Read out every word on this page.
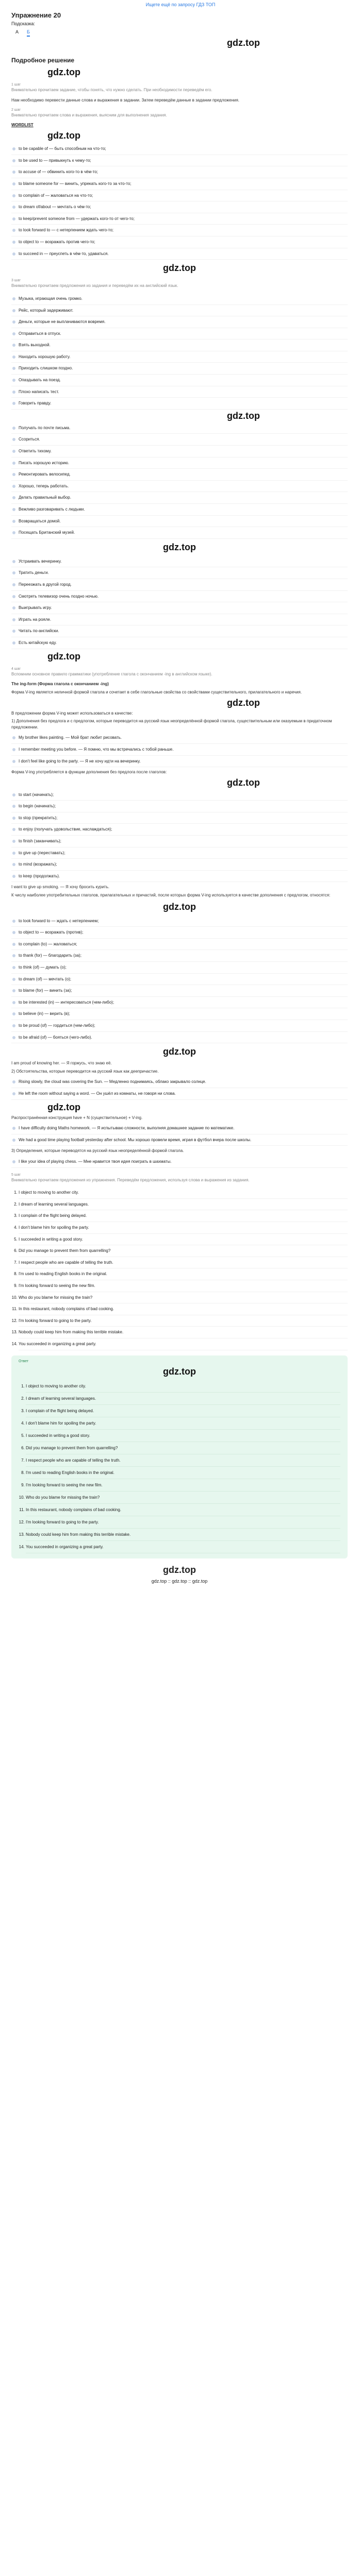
Ищете ещё по запросу ГДЗ ТОП
Упражнение 20
Подсказка:
А Б
gdz.top
Подробное решение
gdz.top
1 шаг
Внимательно прочитаем задание, чтобы понять, что нужно сделать. При необходимости переведём его.
Нам необходимо перевести данные слова и выражения в задании. Затем переведём данные в задании предложения.
2 шаг
Внимательно прочитаем слова и выражения, выясним для выполнения задания.
WORDLIST
gdz.top
to be capable of — быть способным на что-то;
to be used to — привыкнуть к чему-то;
to accuse of — обвинить кого-то в чём-то;
to blame someone for — винить, упрекать кого-то за что-то;
to complain of — жаловаться на что-то;
to dream of/about — мечтать о чём-то;
to keep/prevent someone from — удержать кого-то от чего-то;
to look forward to — с нетерпением ждать чего-то;
to object to — возражать против чего-то;
to succeed in — преуспеть в чём-то, удаваться.
gdz.top
3 шаг
Внимательно прочитаем предложения из задания и переведём их на английский язык.
Музыка, играющая очень громко.
Рейс, который задерживают.
Деньги, которые не выплачиваются вовремя.
Отправиться в отпуск.
Взять выходной.
Находить хорошую работу.
Приходить слишком поздно.
Опаздывать на поезд.
Плохо написать тест.
Говорить правду.
gdz.top
Получать по почте письма.
Ссориться.
Ответить тихому.
Писать хорошую историю.
Ремонтировать велосипед.
Хорошо, теперь работать.
Делать правильный выбор.
Вежливо разговаривать с людьми.
Возвращаться домой.
Посещать Британский музей.
gdz.top
Устраивать вечеринку.
Тратить деньги.
Переезжать в другой город.
Смотреть телевизор очень поздно ночью.
Выигрывать игру.
Играть на рояле.
Читать по-английски.
Есть китайскую еду.
gdz.top
4 шаг
Вспомним основное правило грамматики (употребление глагола с окончанием -ing в английском языке).
The ing-form (Форма глагола с окончанием -ing)
Форма V-ing является неличной формой глагола и сочетает в себе глагольные свойства со свойствами существительного, прилагательного и наречия.
gdz.top
В предложении форма V-ing может использоваться в качестве:
1) Дополнения без предлога и с предлогом, которые переводится на русский язык неопределённой формой глагола, существительным или оказуемым в придаточном предложении.
My brother likes painting. — Мой брат любит рисовать.
I remember meeting you before. — Я помню, что мы встречались с тобой раньше.
I don't feel like going to the party. — Я не хочу идти на вечеринку.
Форма V-ing употребляется в функции дополнения без предлога после глаголов:
gdz.top
to start (начинать);
to begin (начинать);
to stop (прекратить);
to enjoy (получать удовольствие, наслаждаться);
to finish (заканчивать);
to give up (переставать);
to mind (возражать);
to keep (продолжать).
I want to give up smoking. — Я хочу бросить курить.
К числу наиболее употребительных глаголов, прилагательных и причастий, после которых форма V-ing используется в качестве дополнения с предлогом, относятся:
gdz.top
to look forward to — ждать с нетерпением;
to object to — возражать (против);
to complain (to) — жаловаться;
to thank (for) — благодарить (за);
to think (of) — думать (о);
to dream (of) — мечтать (о);
to blame (for) — винить (за);
to be interested (in) — интересоваться (чем-либо);
to believe (in) — верить (в);
to be proud (of) — гордиться (чем-либо);
to be afraid (of) — бояться (чего-либо).
gdz.top
I am proud of knowing her. — Я горжусь, что знаю её.
2) Обстоятельства, которые переводится на русский язык как деепричастие.
Rising slowly, the cloud was covering the Sun. — Медленно поднимаясь, облако закрывало солнце.
He left the room without saying a word. — Он ушёл из комнаты, не говоря ни слова.
gdz.top
Распространённая конструкция have + N (существительное) + V-ing.
I have difficulty doing Maths homework. — Я испытываю сложности, выполняя домашнее задание по математике.
We had a good time playing football yesterday after school. Мы хорошо провели время, играя в футбол вчера после школы.
3) Определения, которые переводятся на русский язык неопределённой формой глагола.
I like your idea of playing chess. — Мне нравится твоя идея поиграть в шахматы.
5 шаг
Внимательно прочитаем предложения из упражнения. Переведём предложения, используя слова и выражения из задания.
1. I object to moving to another city.
2. I dream of learning several languages.
3. I complain of the flight being delayed.
4. I don't blame him for spoiling the party.
5. I succeeded in writing a good story.
6. Did you manage to prevent them from quarrelling?
7. I respect people who are capable of telling the truth.
8. I'm used to reading English books in the original.
9. I'm looking forward to seeing the new film.
10. Who do you blame for missing the train?
11. In this restaurant, nobody complains of bad cooking.
12. I'm looking forward to going to the party.
13. Nobody could keep him from making this terrible mistake.
14. You succeeded in organizing a great party.
Ответ
gdz.top
1. I object to moving to another city.
2. I dream of learning several languages.
3. I complain of the flight being delayed.
4. I don't blame him for spoiling the party.
5. I succeeded in writing a good story.
6. Did you manage to prevent them from quarrelling?
7. I respect people who are capable of telling the truth.
8. I'm used to reading English books in the original.
9. I'm looking forward to seeing the new film.
10. Who do you blame for missing the train?
11. In this restaurant, nobody complains of bad cooking.
12. I'm looking forward to going to the party.
13. Nobody could keep him from making this terrible mistake.
14. You succeeded in organizing a great party.
gdz.top
gdz.top :: gdz.top :: gdz.top
